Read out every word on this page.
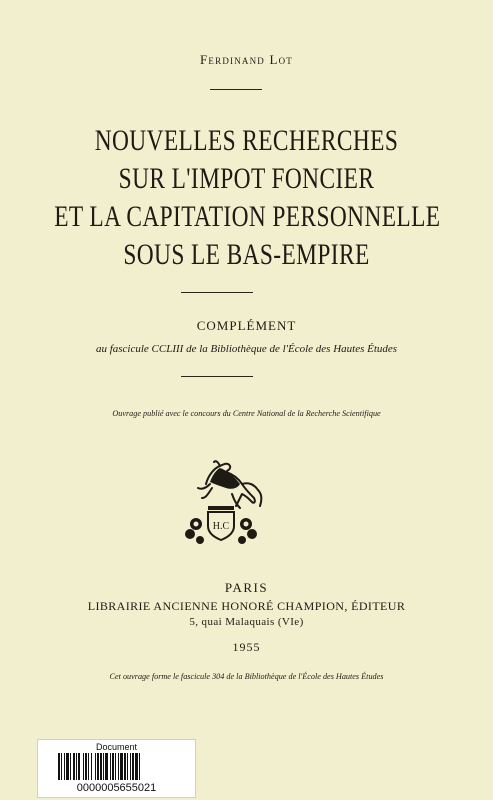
Ferdinand Lot
NOUVELLES RECHERCHES
SUR L'IMPOT FONCIER
ET LA CAPITATION PERSONNELLE
SOUS LE BAS-EMPIRE
COMPLÉMENT
au fascicule CCLIII de la Bibliothèque de l'École des Hautes Études
Ouvrage publié avec le concours du Centre National de la Recherche Scientifique
H.C
PARIS
LIBRAIRIE ANCIENNE HONORÉ CHAMPION, ÉDITEUR
5, quai Malaquais (VIe)
1955
Cet ouvrage forme le fascicule 304 de la Bibliothèque de l'École des Hautes Études
Document
0000005655021
